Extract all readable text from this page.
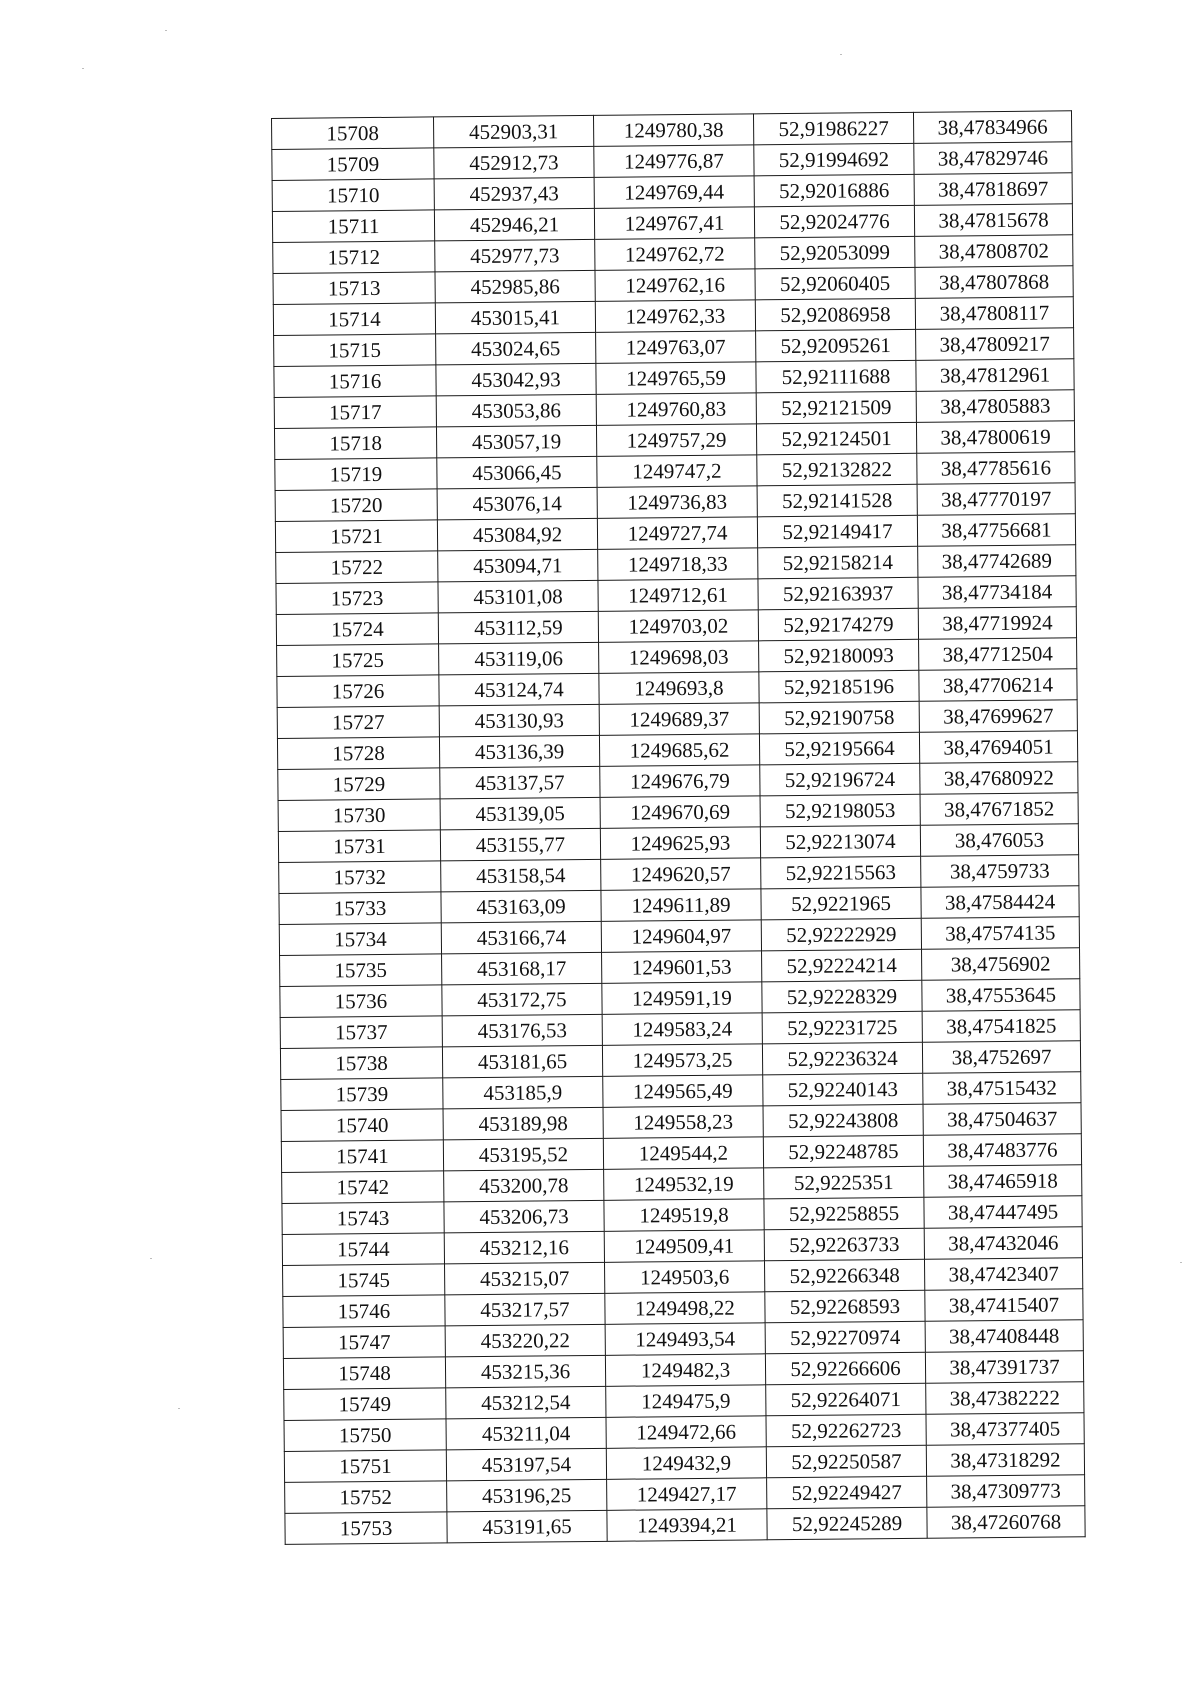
15708	452903,31	1249780,38	52,91986227	38,47834966
15709	452912,73	1249776,87	52,91994692	38,47829746
15710	452937,43	1249769,44	52,92016886	38,47818697
15711	452946,21	1249767,41	52,92024776	38,47815678
15712	452977,73	1249762,72	52,92053099	38,47808702
15713	452985,86	1249762,16	52,92060405	38,47807868
15714	453015,41	1249762,33	52,92086958	38,47808117
15715	453024,65	1249763,07	52,92095261	38,47809217
15716	453042,93	1249765,59	52,92111688	38,47812961
15717	453053,86	1249760,83	52,92121509	38,47805883
15718	453057,19	1249757,29	52,92124501	38,47800619
15719	453066,45	1249747,2	52,92132822	38,47785616
15720	453076,14	1249736,83	52,92141528	38,47770197
15721	453084,92	1249727,74	52,92149417	38,47756681
15722	453094,71	1249718,33	52,92158214	38,47742689
15723	453101,08	1249712,61	52,92163937	38,47734184
15724	453112,59	1249703,02	52,92174279	38,47719924
15725	453119,06	1249698,03	52,92180093	38,47712504
15726	453124,74	1249693,8	52,92185196	38,47706214
15727	453130,93	1249689,37	52,92190758	38,47699627
15728	453136,39	1249685,62	52,92195664	38,47694051
15729	453137,57	1249676,79	52,92196724	38,47680922
15730	453139,05	1249670,69	52,92198053	38,47671852
15731	453155,77	1249625,93	52,92213074	38,476053
15732	453158,54	1249620,57	52,92215563	38,4759733
15733	453163,09	1249611,89	52,9221965	38,47584424
15734	453166,74	1249604,97	52,92222929	38,47574135
15735	453168,17	1249601,53	52,92224214	38,4756902
15736	453172,75	1249591,19	52,92228329	38,47553645
15737	453176,53	1249583,24	52,92231725	38,47541825
15738	453181,65	1249573,25	52,92236324	38,4752697
15739	453185,9	1249565,49	52,92240143	38,47515432
15740	453189,98	1249558,23	52,92243808	38,47504637
15741	453195,52	1249544,2	52,92248785	38,47483776
15742	453200,78	1249532,19	52,9225351	38,47465918
15743	453206,73	1249519,8	52,92258855	38,47447495
15744	453212,16	1249509,41	52,92263733	38,47432046
15745	453215,07	1249503,6	52,92266348	38,47423407
15746	453217,57	1249498,22	52,92268593	38,47415407
15747	453220,22	1249493,54	52,92270974	38,47408448
15748	453215,36	1249482,3	52,92266606	38,47391737
15749	453212,54	1249475,9	52,92264071	38,47382222
15750	453211,04	1249472,66	52,92262723	38,47377405
15751	453197,54	1249432,9	52,92250587	38,47318292
15752	453196,25	1249427,17	52,92249427	38,47309773
15753	453191,65	1249394,21	52,92245289	38,47260768
